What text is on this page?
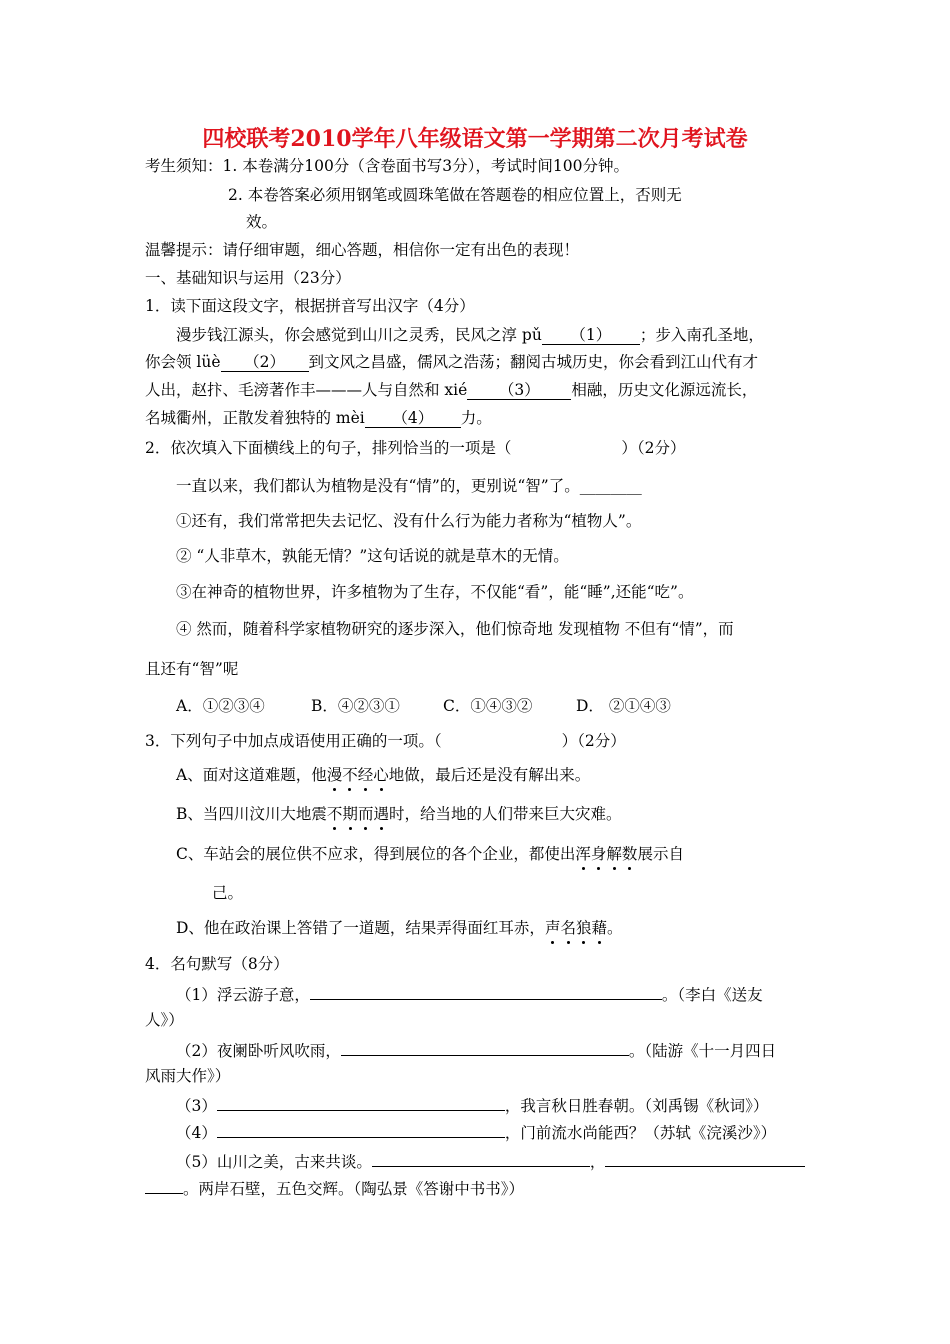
四校联考2010学年八年级语文第一学期第二次月考试卷
考生须知：1. 本卷满分100分（含卷面书写3分），考试时间100分钟。
2. 本卷答案必须用钢笔或圆珠笔做在答题卷的相应位置上，否则无
效。
温馨提示：请仔细审题，细心答题，相信你一定有出色的表现！
一、基础知识与运用（23分）
1．读下面这段文字，根据拼音写出汉字（4分）
漫步钱江源头，你会感觉到山川之灵秀，民风之淳 pǔ （1） ；步入南孔圣地，
你会领 lüè （2） 到文风之昌盛，儒风之浩荡；翻阅古城历史，你会看到江山代有才
人出，赵抃、毛滂著作丰———人与自然和 xié （3） 相融，历史文化源远流长，
名城衢州，正散发着独特的 mèi （4） 力。
2．依次填入下面横线上的句子，排列恰当的一项是（	）（2分）
一直以来，我们都认为植物是没有“情”的，更别说“智”了。________
①还有，我们常常把失去记忆、没有什么行为能力者称为“植物人”。
② “人非草木，孰能无情？”这句话说的就是草木的无情。
③在神奇的植物世界，许多植物为了生存，不仅能“看”，能“睡”,还能“吃”。
④ 然而，随着科学家植物研究的逐步深入，他们惊奇地 发现植物 不但有“情”，而
且还有“智”呢
A．①②③④	B．④②③①	C．①④③②	D． ②①④③
3．下列句子中加点成语使用正确的一项。（	）（2分）
A、面对这道难题，他漫不经心地做，最后还是没有解出来。
B、当四川汶川大地震不期而遇时，给当地的人们带来巨大灾难。
C、车站会的展位供不应求，得到展位的各个企业，都使出浑身解数展示自
己。
D、他在政治课上答错了一道题，结果弄得面红耳赤，声名狼藉。
4．名句默写（8分）
（1）浮云游子意，	。（李白《送友
人》）
（2）夜阑卧听风吹雨，	。（陆游《十一月四日
风雨大作》）
（3）	，我言秋日胜春朝。（刘禹锡《秋词》）
（4）	，门前流水尚能西？（苏轼《浣溪沙》）
（5）山川之美，古来共谈。	，
。两岸石壁，五色交辉。（陶弘景《答谢中书书》）
